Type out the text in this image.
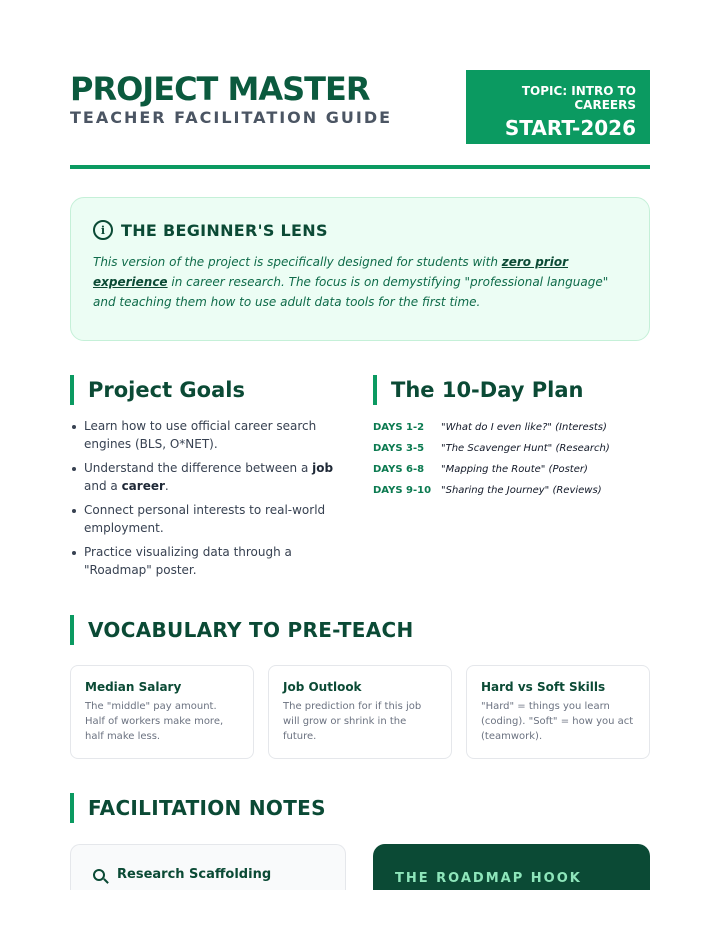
PROJECT MASTER
TEACHER FACILITATION GUIDE
TOPIC: INTRO TO CAREERS
START-2026
i THE BEGINNER'S LENS

This version of the project is specifically designed for students with zero prior experience in career research. The focus is on demystifying "professional language" and teaching them how to use adult data tools for the first time.

Project Goals
Learn how to use official career search engines (BLS, O*NET).
Understand the difference between a job and a career.
Connect personal interests to real-world employment.
Practice visualizing data through a "Roadmap" poster.
The 10-Day Plan
DAYS 1-2	"What do I even like?" (Interests)
DAYS 3-5	"The Scavenger Hunt" (Research)
DAYS 6-8	"Mapping the Route" (Poster)
DAYS 9-10 "Sharing the Journey" (Reviews)
VOCABULARY TO PRE-TEACH
Median Salary
The "middle" pay amount. Half of workers make more, half make less.
Job Outlook
The prediction for if this job will grow or shrink in the future.
Hard vs Soft Skills
"Hard" = things you learn (coding). "Soft" = how you act (teamwork).
FACILITATION NOTES
Research Scaffolding	THE ROADMAP HOOK
